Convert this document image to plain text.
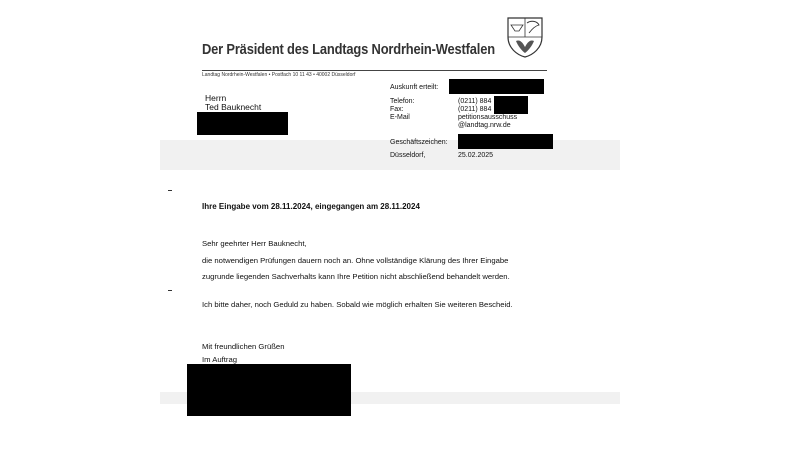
Der Präsident des Landtags Nordrhein-Westfalen
Landtag Nordrhein-Westfalen • Postfach 10 11 43 • 40002 Düsseldorf
Herrn
Ted Bauknecht
Auskunft erteilt:
Telefon:	(0211) 884
Fax:	(0211) 884
E-Mail	petitionsausschuss
@landtag.nrw.de
Geschäftszeichen:
Düsseldorf,	25.02.2025
Ihre Eingabe vom 28.11.2024, eingegangen am 28.11.2024
Sehr geehrter Herr Bauknecht,
die notwendigen Prüfungen dauern noch an. Ohne vollständige Klärung des Ihrer Eingabe
zugrunde liegenden Sachverhalts kann Ihre Petition nicht abschließend behandelt werden.
Ich bitte daher, noch Geduld zu haben. Sobald wie möglich erhalten Sie weiteren Bescheid.
Mit freundlichen Grüßen
Im Auftrag
